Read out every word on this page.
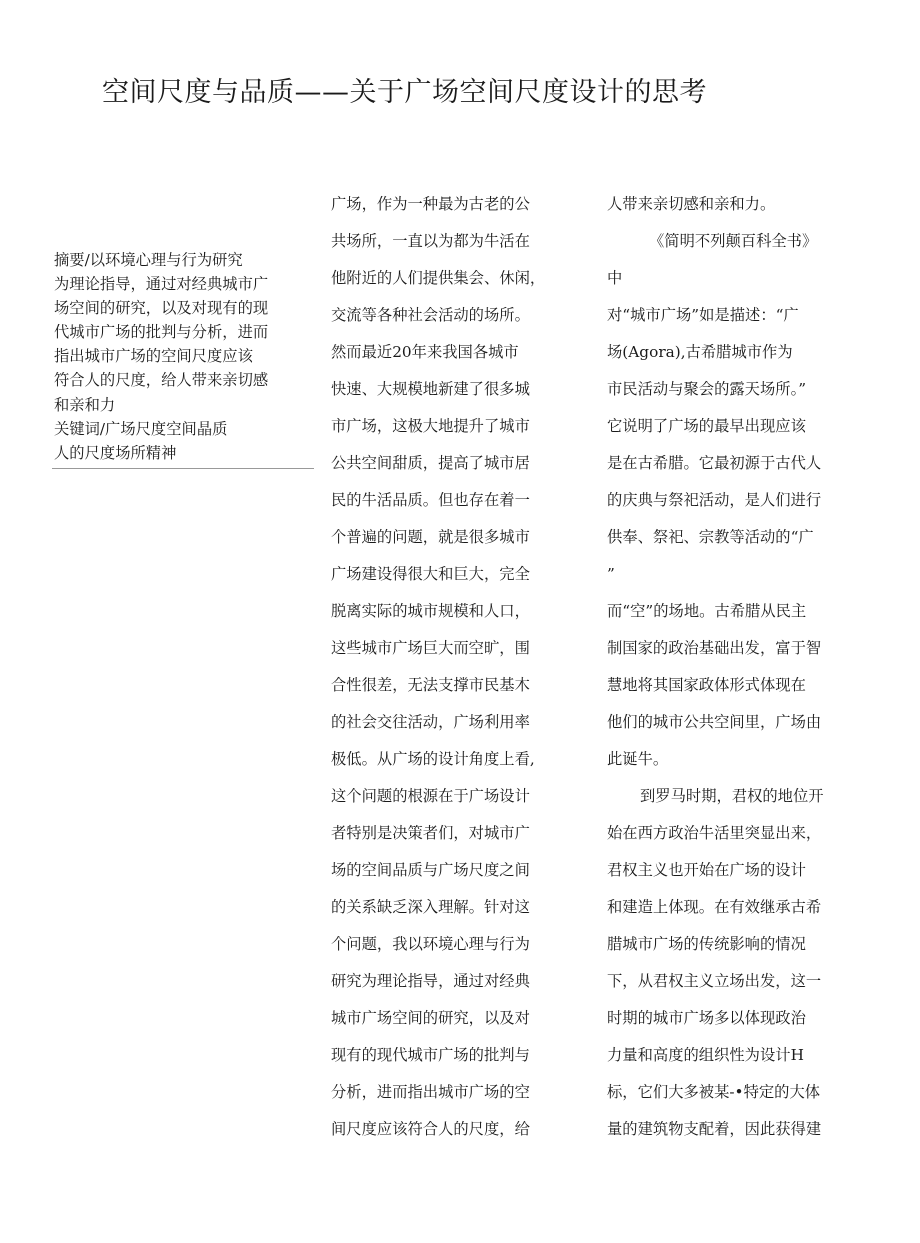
空间尺度与品质——关于广场空间尺度设计的思考
摘要/以环境心理与行为研究
为理论指导，通过对经典城市广
场空间的研究，以及对现有的现
代城市广场的批判与分析，进而
指出城市广场的空间尺度应该
符合人的尺度，给人带来亲切感
和亲和力
关键词/广场尺度空间晶质
人的尺度场所精神
广场，作为一种最为古老的公
共场所，一直以为都为牛活在
他附近的人们提供集会、休闲，
交流等各种社会活动的场所。
然而最近20年来我国各城市
快速、大规模地新建了很多城
市广场，这极大地提升了城市
公共空间甜质，提高了城市居
民的牛活品质。但也存在着一
个普遍的问题，就是很多城市
广场建设得很大和巨大，完全
脱离实际的城市规模和人口，
这些城市广场巨大而空旷，围
合性很差，无法支撑市民基木
的社会交往活动，广场利用率
极低。从广场的设计角度上看,
这个问题的根源在于广场设计
者特别是决策者们，对城市广
场的空间品质与广场尺度之间
的关系缺乏深入理解。针对这
个问题，我以环境心理与行为
研究为理论指导，通过对经典
城市广场空间的研究，以及对
现有的现代城市广场的批判与
分析，进而指出城市广场的空
间尺度应该符合人的尺度，给
人带来亲切感和亲和力。
《简明不列颠百科全书》
中
对“城市广场”如是描述：“广
场(Agora),古希腊城市作为
市民活动与聚会的露天场所。”
它说明了广场的最早出现应该
是在古希腊。它最初源于古代人
的庆典与祭祀活动，是人们进行
供奉、祭祀、宗教等活动的“广
”
而“空”的场地。古希腊从民主
制国家的政治基础出发，富于智
慧地将其国家政体形式体现在
他们的城市公共空间里，广场由
此诞牛。
到罗马时期，君权的地位开
始在西方政治牛活里突显出来，
君权主义也开始在广场的设计
和建造上体现。在有效继承古希
腊城市广场的传统影响的情况
下，从君权主义立场出发，这一
时期的城市广场多以体现政治
力量和高度的组织性为设计H
标，它们大多被某-•特定的大体
量的建筑物支配着，因此获得建
